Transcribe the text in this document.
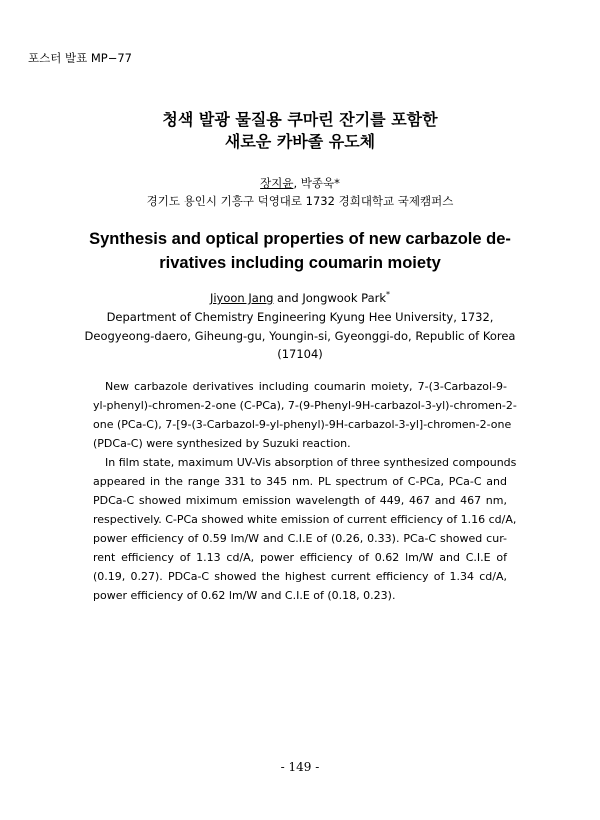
포스터 발표 MP−77
청색 발광 물질용 쿠마린 잔기를 포함한
새로운 카바졸 유도체
장지윤, 박종욱*
경기도 용인시 기흥구 덕영대로 1732 경희대학교 국제캠퍼스
Synthesis and optical properties of new carbazole de-
rivatives including coumarin moiety
Jiyoon Jang and Jongwook Park*
Department of Chemistry Engineering Kyung Hee University, 1732,
Deogyeong-daero, Giheung-gu, Youngin-si, Gyeonggi-do, Republic of Korea
(17104)
New carbazole derivatives including coumarin moiety, 7-(3-Carbazol-9-
yl-phenyl)-chromen-2-one (C-PCa), 7-(9-Phenyl-9H-carbazol-3-yl)-chromen-2-
one (PCa-C), 7-[9-(3-Carbazol-9-yl-phenyl)-9H-carbazol-3-yl]-chromen-2-one
(PDCa-C) were synthesized by Suzuki reaction.
In film state, maximum UV-Vis absorption of three synthesized compounds
appeared in the range 331 to 345 nm. PL spectrum of C-PCa, PCa-C and
PDCa-C showed miximum emission wavelength of 449, 467 and 467 nm,
respectively. C-PCa showed white emission of current efficiency of 1.16 cd/A,
power efficiency of 0.59 lm/W and C.I.E of (0.26, 0.33). PCa-C showed cur-
rent efficiency of 1.13 cd/A, power efficiency of 0.62 lm/W and C.I.E of
(0.19, 0.27). PDCa-C showed the highest current efficiency of 1.34 cd/A,
power efficiency of 0.62 lm/W and C.I.E of (0.18, 0.23).
- 149 -
